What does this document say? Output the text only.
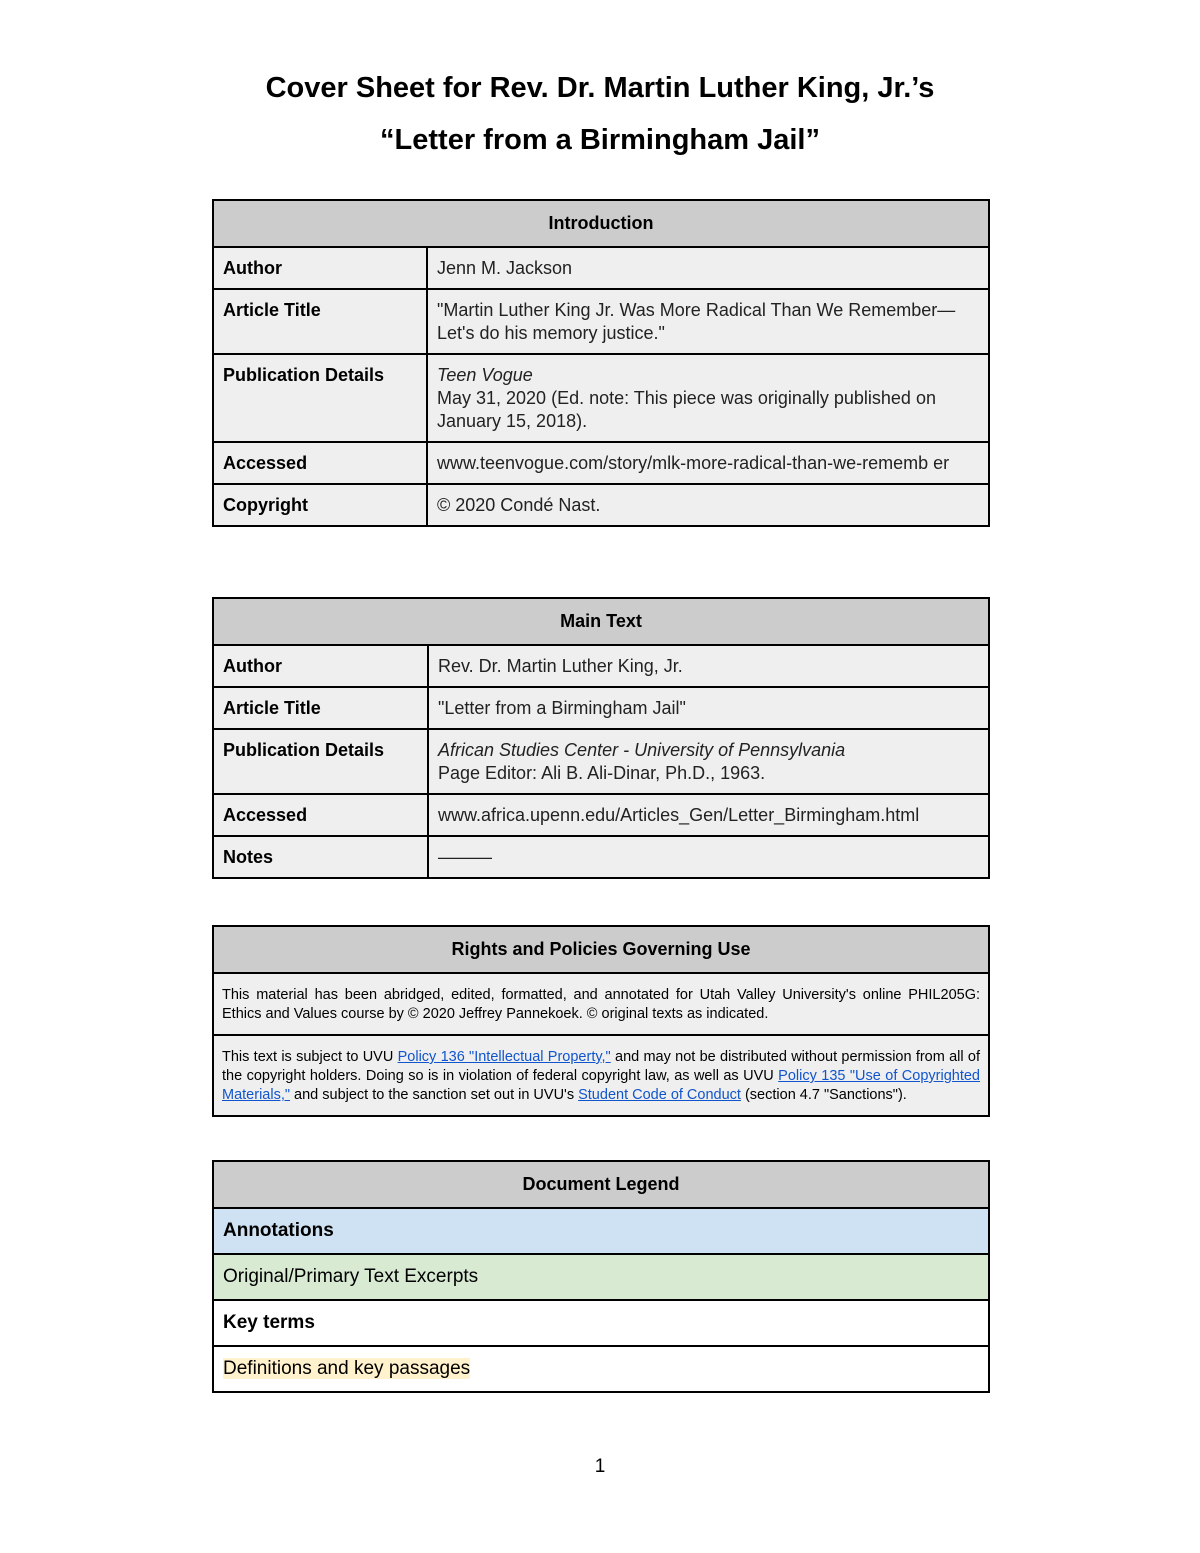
Cover Sheet for Rev. Dr. Martin Luther King, Jr.’s
“Letter from a Birmingham Jail”
Introduction	
Author	Jenn M. Jackson
Article Title	"Martin Luther King Jr. Was More Radical Than We Remember—Let's do his memory justice."
Publication Details	Teen Vogue
May 31, 2020 (Ed. note: This piece was originally published on January 15, 2018).
Accessed	www.teenvogue.com/story/mlk-more-radical-than-we-rememb er
Copyright	© 2020 Condé Nast.
Main Text	
Author	Rev. Dr. Martin Luther King, Jr.
Article Title	"Letter from a Birmingham Jail"
Publication Details	African Studies Center - University of Pennsylvania
Page Editor: Ali B. Ali-Dinar, Ph.D., 1963.
Accessed	www.africa.upenn.edu/Articles_Gen/Letter_Birmingham.html
Notes	———
Rights and Policies Governing Use
This material has been abridged, edited, formatted, and annotated for Utah Valley University's online PHIL205G: Ethics and Values course by © 2020 Jeffrey Pannekoek. © original texts as indicated.
This text is subject to UVU Policy 136 "Intellectual Property," and may not be distributed without permission from all of the copyright holders. Doing so is in violation of federal copyright law, as well as UVU Policy 135 "Use of Copyrighted Materials," and subject to the sanction set out in UVU's Student Code of Conduct (section 4.7 "Sanctions").
Document Legend
Annotations
Original/Primary Text Excerpts
Key terms
Definitions and key passages
1
